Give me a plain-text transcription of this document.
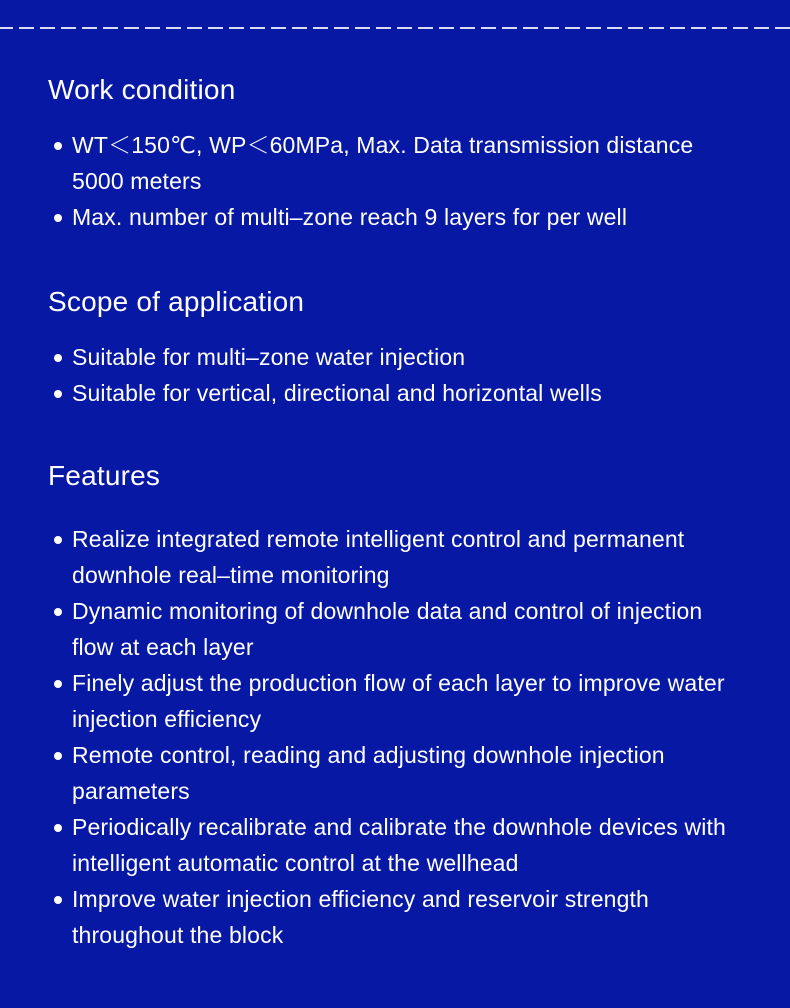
Work condition
WT＜150℃, WP＜60MPa, Max. Data transmission distance 5000 meters
Max. number of multi–zone reach 9 layers for per well
Scope of application
Suitable for multi–zone water injection
Suitable for vertical, directional and horizontal wells
Features
Realize integrated remote intelligent control and permanent downhole real–time monitoring
Dynamic monitoring of downhole data and control of injection flow at each layer
Finely adjust the production flow of each layer to improve water injection efficiency
Remote control, reading and adjusting downhole injection parameters
Periodically recalibrate and calibrate the downhole devices with intelligent automatic control at the wellhead
Improve water injection efficiency and reservoir strength throughout the block
